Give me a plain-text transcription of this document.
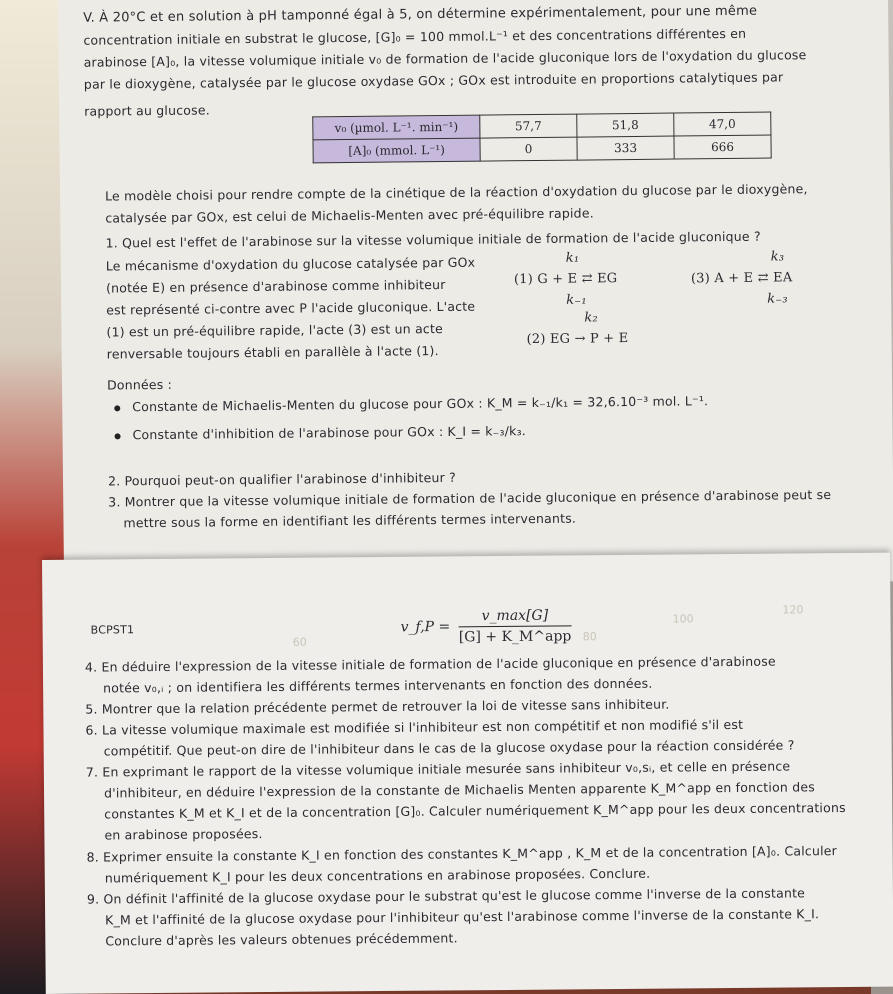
V. À 20°C et en solution à pH tamponné égal à 5, on détermine expérimentalement, pour une même
concentration initiale en substrat le glucose, [G]₀ = 100 mmol.L⁻¹ et des concentrations différentes en
arabinose [A]₀, la vitesse volumique initiale v₀ de formation de l'acide gluconique lors de l'oxydation du glucose
par le dioxygène, catalysée par le glucose oxydase GOx ; GOx est introduite en proportions catalytiques par
rapport au glucose.
v₀ (µmol. L⁻¹. min⁻¹)	57,7	51,8	47,0
[A]₀ (mmol. L⁻¹)	0	333	666
Le modèle choisi pour rendre compte de la cinétique de la réaction d'oxydation du glucose par le dioxygène,
catalysée par GOx, est celui de Michaelis-Menten avec pré-équilibre rapide.
1. Quel est l'effet de l'arabinose sur la vitesse volumique initiale de formation de l'acide gluconique ?
Le mécanisme d'oxydation du glucose catalysée par GOx
(notée E) en présence d'arabinose comme inhibiteur
est représenté ci-contre avec P l'acide gluconique. L'acte
(1) est un pré-équilibre rapide, l'acte (3) est un acte
renversable toujours établi en parallèle à l'acte (1).
k₁
(1) G + E ⇄ EG
k₋₁
k₂
(2) EG → P + E
k₃
(3) A + E ⇄ EA
k₋₃
Données :
Constante de Michaelis-Menten du glucose pour GOx : K_M = k₋₁/k₁ = 32,6.10⁻³ mol. L⁻¹.
Constante d'inhibition de l'arabinose pour GOx : K_I = k₋₃/k₃.
2. Pourquoi peut-on qualifier l'arabinose d'inhibiteur ?
3. Montrer que la vitesse volumique initiale de formation de l'acide gluconique en présence d'arabinose peut se
mettre sous la forme en identifiant les différents termes intervenants.
BCPST1
100
120
80
60
v_f,P = $\frac{v\_\max[G]}{\text{[G] + K\_M\textasciicircum{}app}}$
4. En déduire l'expression de la vitesse initiale de formation de l'acide gluconique en présence d'arabinose
notée v₀,ᵢ ; on identifiera les différents termes intervenants en fonction des données.
5. Montrer que la relation précédente permet de retrouver la loi de vitesse sans inhibiteur.
6. La vitesse volumique maximale est modifiée si l'inhibiteur est non compétitif et non modifié s'il est
compétitif. Que peut-on dire de l'inhibiteur dans le cas de la glucose oxydase pour la réaction considérée ?
7. En exprimant le rapport de la vitesse volumique initiale mesurée sans inhibiteur v₀,sᵢ, et celle en présence
d'inhibiteur, en déduire l'expression de la constante de Michaelis Menten apparente K_M^app en fonction des
constantes K_M et K_I et de la concentration [G]₀. Calculer numériquement K_M^app pour les deux concentrations
en arabinose proposées.
8. Exprimer ensuite la constante K_I en fonction des constantes K_M^app , K_M et de la concentration [A]₀. Calculer
numériquement K_I pour les deux concentrations en arabinose proposées. Conclure.
9. On définit l'affinité de la glucose oxydase pour le substrat qu'est le glucose comme l'inverse de la constante
K_M et l'affinité de la glucose oxydase pour l'inhibiteur qu'est l'arabinose comme l'inverse de la constante K_I.
Conclure d'après les valeurs obtenues précédemment.
